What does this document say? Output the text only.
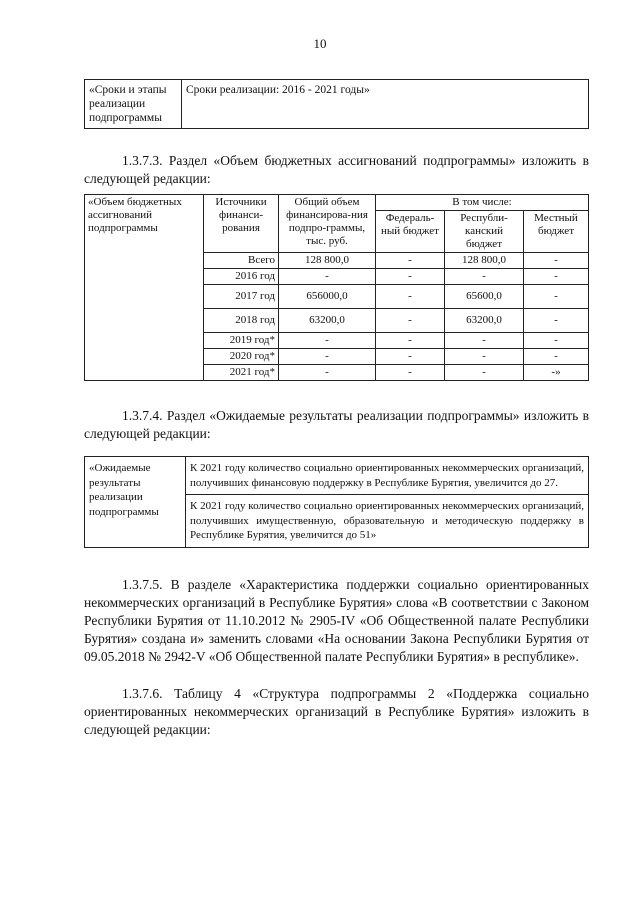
10
«Сроки и этапы реализации подпрограммы	Сроки реализации: 2016 - 2021 годы»
1.3.7.3. Раздел «Объем бюджетных ассигнований подпрограммы» изложить в следующей редакции:
«Объем бюджетных ассигнований подпрограммы	Источники финанси-рования	Общий объем финансирова-ния подпро-граммы, тыс. руб.	В том числе:		
			Федераль-ный бюджет	Республи-канский бюджет	Местный бюджет
	Всего	128 800,0	-	128 800,0	-
	2016 год	-	-	-	-
	2017 год	656000,0	-	65600,0	-
	2018 год	63200,0	-	63200,0	-
	2019 год*	-	-	-	-
	2020 год*	-	-	-	-
	2021 год*	-	-	-	-»
1.3.7.4. Раздел «Ожидаемые результаты реализации подпрограммы» изложить в следующей редакции:
«Ожидаемые результаты реализации подпрограммы	К 2021 году количество социально ориентированных некоммерческих организаций, получивших финансовую поддержку в Республике Бурятия, увеличится до 27.
К 2021 году количество социально ориентированных некоммерческих организаций, получивших имущественную, образовательную и методическую поддержку в Республике Бурятия, увеличится до 51»
1.3.7.5. В разделе «Характеристика поддержки социально ориентированных некоммерческих организаций в Республике Бурятия» слова «В соответствии с Законом Республики Бурятия от 11.10.2012 № 2905-IV «Об Общественной палате Республики Бурятия» создана и» заменить словами «На основании Закона Республики Бурятия от 09.05.2018 № 2942-V «Об Общественной палате Республики Бурятия» в республике».
1.3.7.6. Таблицу 4 «Структура подпрограммы 2 «Поддержка социально ориентированных некоммерческих организаций в Республике Бурятия» изложить в следующей редакции:
